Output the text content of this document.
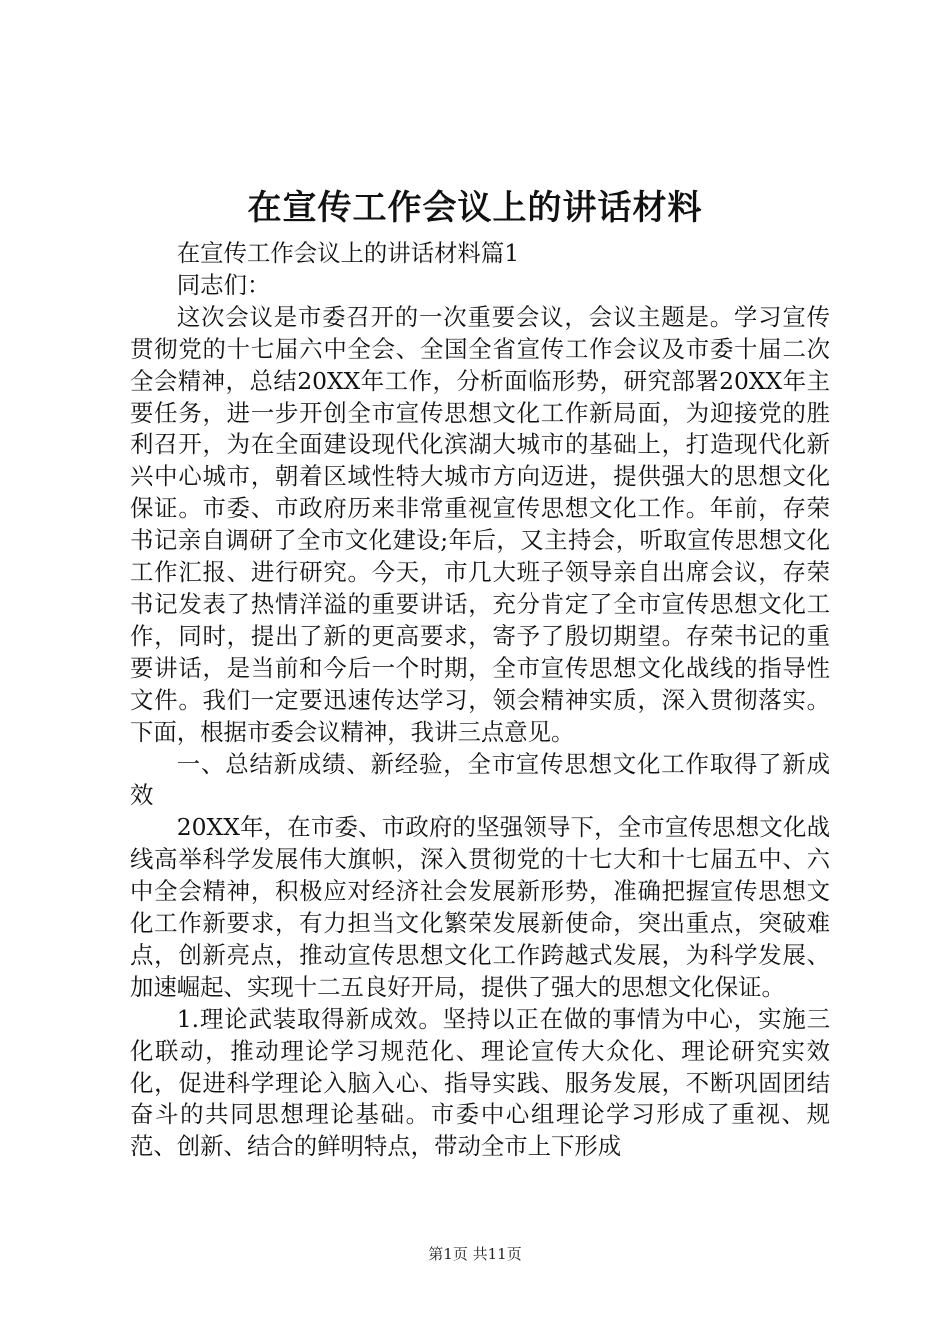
在宣传工作会议上的讲话材料

在宣传工作会议上的讲话材料篇1

同志们：

这次会议是市委召开的一次重要会议，会议主题是。学习宣传贯彻党的十七届六中全会、全国全省宣传工作会议及市委十届二次全会精神，总结20XX年工作，分析面临形势，研究部署20XX年主要任务，进一步开创全市宣传思想文化工作新局面，为迎接党的胜利召开，为在全面建设现代化滨湖大城市的基础上，打造现代化新兴中心城市，朝着区域性特大城市方向迈进，提供强大的思想文化保证。市委、市政府历来非常重视宣传思想文化工作。年前，存荣书记亲自调研了全市文化建设;年后，又主持会，听取宣传思想文化工作汇报、进行研究。今天，市几大班子领导亲自出席会议，存荣书记发表了热情洋溢的重要讲话，充分肯定了全市宣传思想文化工作，同时，提出了新的更高要求，寄予了殷切期望。存荣书记的重要讲话，是当前和今后一个时期，全市宣传思想文化战线的指导性文件。我们一定要迅速传达学习，领会精神实质，深入贯彻落实。下面，根据市委会议精神，我讲三点意见。

一、总结新成绩、新经验，全市宣传思想文化工作取得了新成效

20XX年，在市委、市政府的坚强领导下，全市宣传思想文化战线高举科学发展伟大旗帜，深入贯彻党的十七大和十七届五中、六中全会精神，积极应对经济社会发展新形势，准确把握宣传思想文化工作新要求，有力担当文化繁荣发展新使命，突出重点，突破难点，创新亮点，推动宣传思想文化工作跨越式发展，为科学发展、加速崛起、实现十二五良好开局，提供了强大的思想文化保证。

1.理论武装取得新成效。坚持以正在做的事情为中心，实施三化联动，推动理论学习规范化、理论宣传大众化、理论研究实效化，促进科学理论入脑入心、指导实践、服务发展，不断巩固团结奋斗的共同思想理论基础。市委中心组理论学习形成了重视、规范、创新、结合的鲜明特点，带动全市上下形成

第1页 共11页
